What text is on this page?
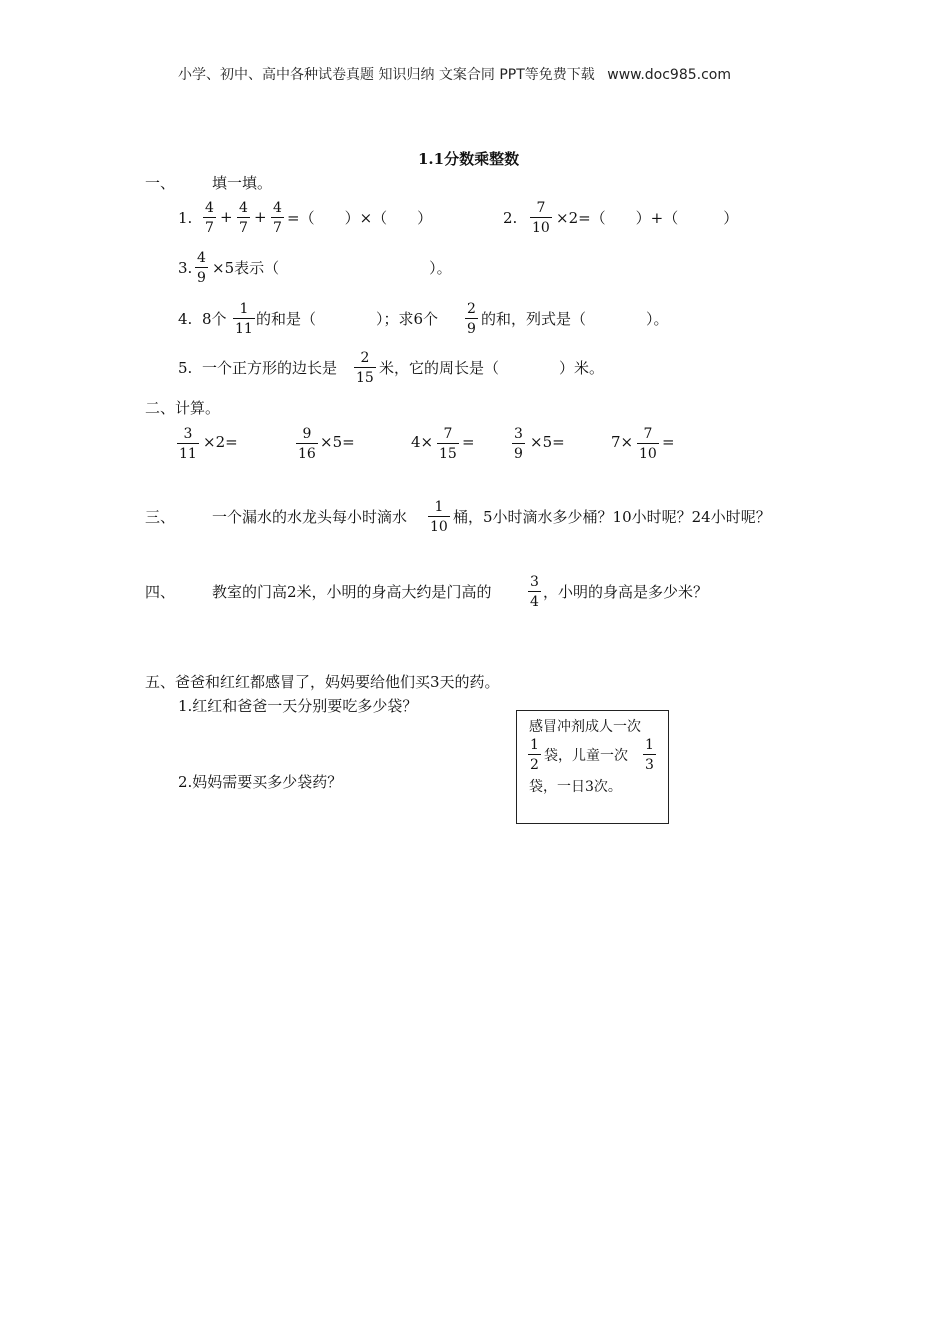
小学、初中、高中各种试卷真题 知识归纳 文案合同 PPT等免费下载 www.doc985.com
1.1分数乘整数
一、 填一填。
1.
4
7
+ 4
7
+ 4
7
=（　　）×（　　）	2.
7
10
×2=（　　）+（　　　）
3.
4
9
×5表示（　　　　　　　　　　）。
4. 8个
1
11
的和是（　　　　）；求6个
2
9
的和，列式是（　　　　）。
5. 一个正方形的边长是
2
15
米，它的周长是（　　　　）米。
二、计算。
3
11
×2=	9
16
×5=	4× 7
15
=	3
9
×5=	7× 7
10
=
三、 一个漏水的水龙头每小时滴水
1
10
桶，5小时滴水多少桶？10小时呢？24小时呢？
四、 教室的门高2米，小明的身高大约是门高的
3
4
，小明的身高是多少米？
五、爸爸和红红都感冒了，妈妈要给他们买3天的药。
1.红红和爸爸一天分别要吃多少袋？
2.妈妈需要买多少袋药？
感冒冲剂成人一次
1
2
袋，儿童一次
1
3
袋，一日3次。
